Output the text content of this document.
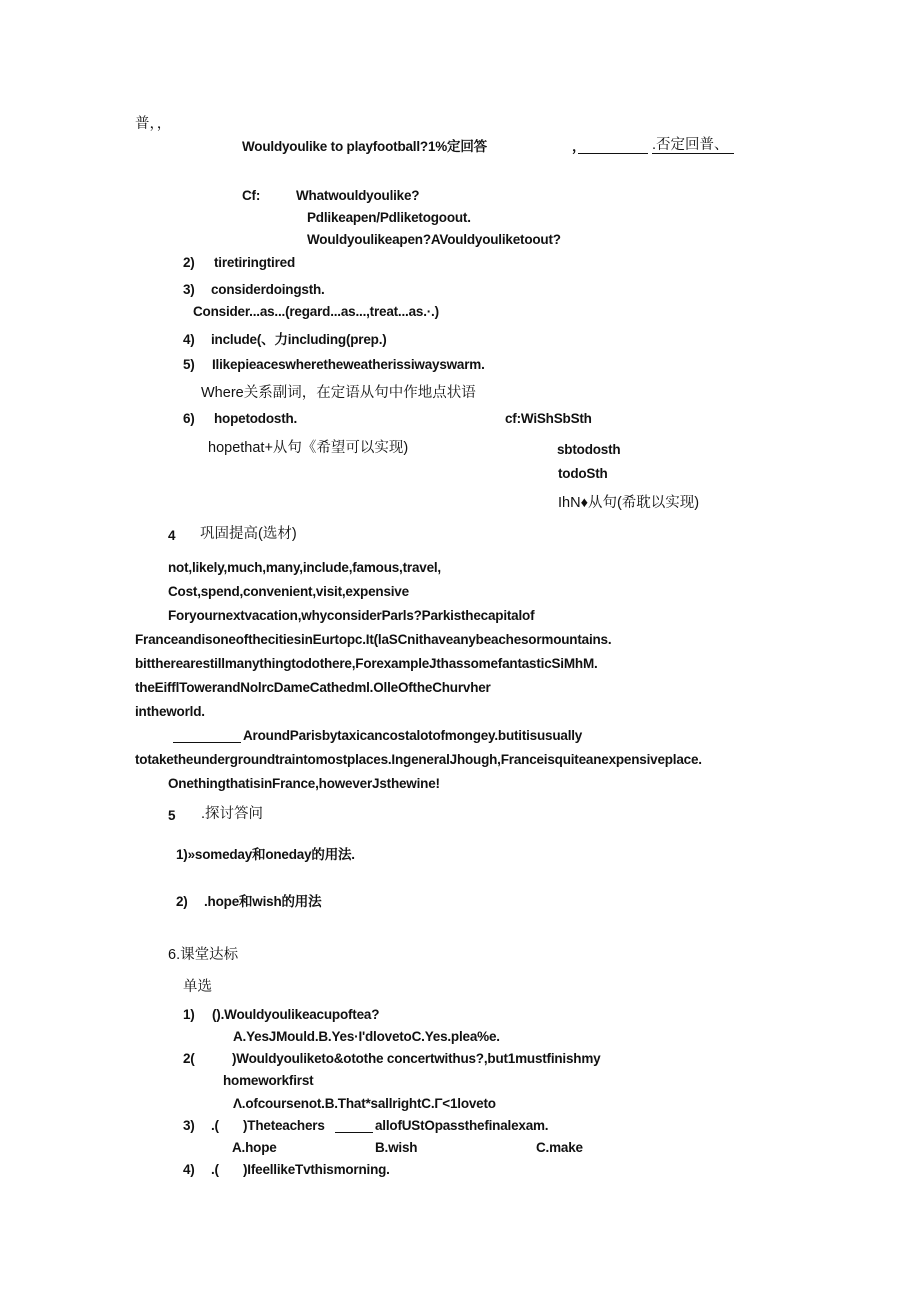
普，，
Wouldyoulike to playfootball?1%定回答	，	.否定回普、
Cf:	Whatwouldyoulike?
Pdlikeapen/Pdliketogoout.
Wouldyoulikeapen?AVouldyouliketoout?
2) tiretiringtired
3) considerdoingsth.
Consider...as...(regard...as...,treat...as.·.)
4) include(、力including(prep.)
5) Ilikepieaceswheretheweatherissiwayswarm.
Where关系副词，在定语从句中作地点状语
6) hopetodosth.	cf:WiShSbSth
hopethat+从句《希望可以实现)	sbtodosth
todoSth
IhN♦从句(希耽以实现)
4 巩固提高(选材)
not,likely,much,many,include,famous,travel,
Cost,spend,convenient,visit,expensive
Foryournextvacation,whyconsiderParls?Parkisthecapitalof
FranceandisoneofthecitiesinEurtopc.It(laSCnithaveanybeachesormountains.
bittherearestillmanythingtodothere,ForexampleJthassomefantasticSiMhM.
theEifflTowerandNolrcDameCathedml.OlleOftheChurvher
intheworld.
AroundParisbytaxicancostalotofmongey.butitisusually
totaketheundergroundtraintomostplaces.IngeneralJhough,Franceisquiteanexpensiveplace.
OnethingthatisinFrance,howeverJsthewine!
5 .探讨答问
1)»someday和oneday的用法.
2) .hope和wish的用法
6.课堂达标
单选
1) ().Wouldyoulikeacupoftea?
A.YesJMould.B.Yes·I'dlovetoC.Yes.plea%e.
2(	)Wouldyouliketo&otothe concertwithus?,but1mustfinishmy
homeworkfirst
Λ.ofcoursenot.B.That*sallrightC.Γ<1loveto
3) .( )Theteachers	allofUStOpassthefinalexam.
A.hope	B.wish	C.make
4) .( )IfeellikeTvthismorning.
